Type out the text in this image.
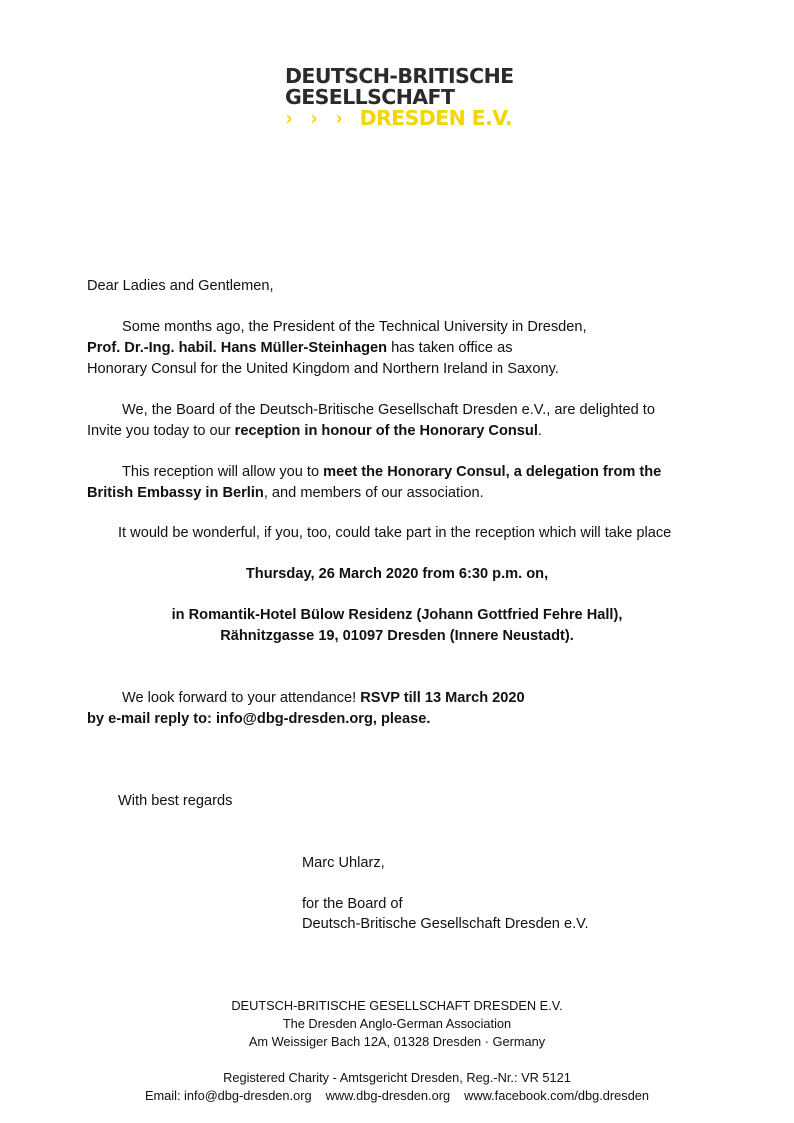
DEUTSCH-BRITISCHE
GESELLSCHAFT
› › › DRESDEN E.V.
Dear Ladies and Gentlemen,
Some months ago, the President of the Technical University in Dresden,
Prof. Dr.-Ing. habil. Hans Müller-Steinhagen has taken office as
Honorary Consul for the United Kingdom and Northern Ireland in Saxony.
We, the Board of the Deutsch-Britische Gesellschaft Dresden e.V., are delighted to
Invite you today to our reception in honour of the Honorary Consul.
This reception will allow you to meet the Honorary Consul, a delegation from the
British Embassy in Berlin, and members of our association.
It would be wonderful, if you, too, could take part in the reception which will take place
Thursday, 26 March 2020 from 6:30 p.m. on,
in Romantik-Hotel Bülow Residenz (Johann Gottfried Fehre Hall),
Rähnitzgasse 19, 01097 Dresden (Innere Neustadt).
We look forward to your attendance! RSVP till 13 March 2020
by e-mail reply to: info@dbg-dresden.org, please.
With best regards
Marc Uhlarz,
for the Board of
Deutsch-Britische Gesellschaft Dresden e.V.
DEUTSCH-BRITISCHE GESELLSCHAFT DRESDEN E.V.
The Dresden Anglo-German Association
Am Weissiger Bach 12A, 01328 Dresden · Germany
Registered Charity - Amtsgericht Dresden, Reg.-Nr.: VR 5121
Email: info@dbg-dresden.org www.dbg-dresden.org www.facebook.com/dbg.dresden
